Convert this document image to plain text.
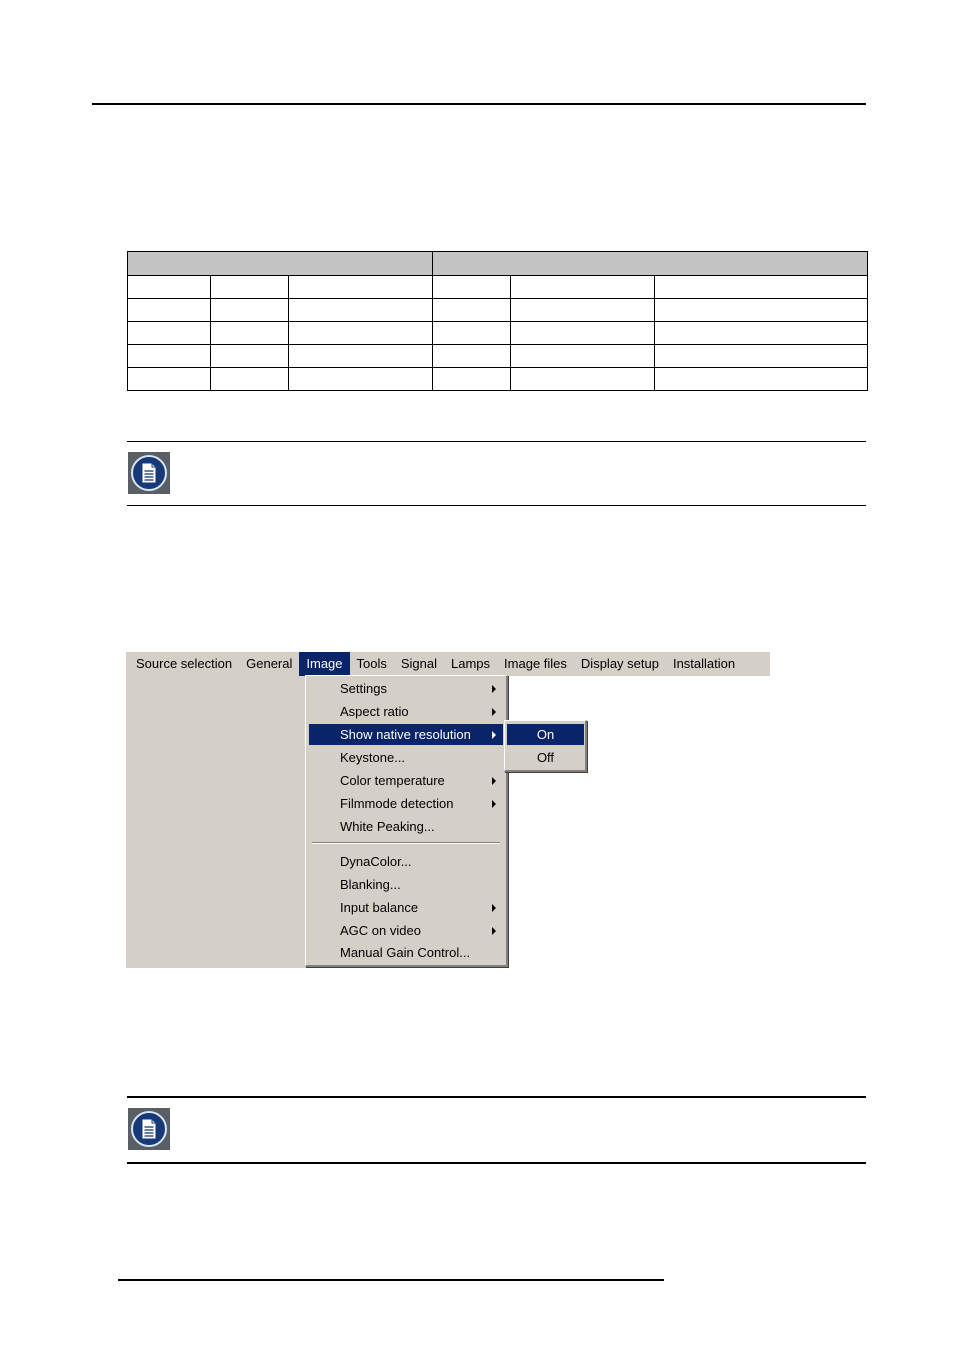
Source selection	General	Image	Tools	Signal	Lamps	Image files	Display setup	Installation
Settings
Aspect ratio
Show native resolution
Keystone...
Color temperature
Filmmode detection
White Peaking...
DynaColor...
Blanking...
Input balance
AGC on video
Manual Gain Control...
On
Off
